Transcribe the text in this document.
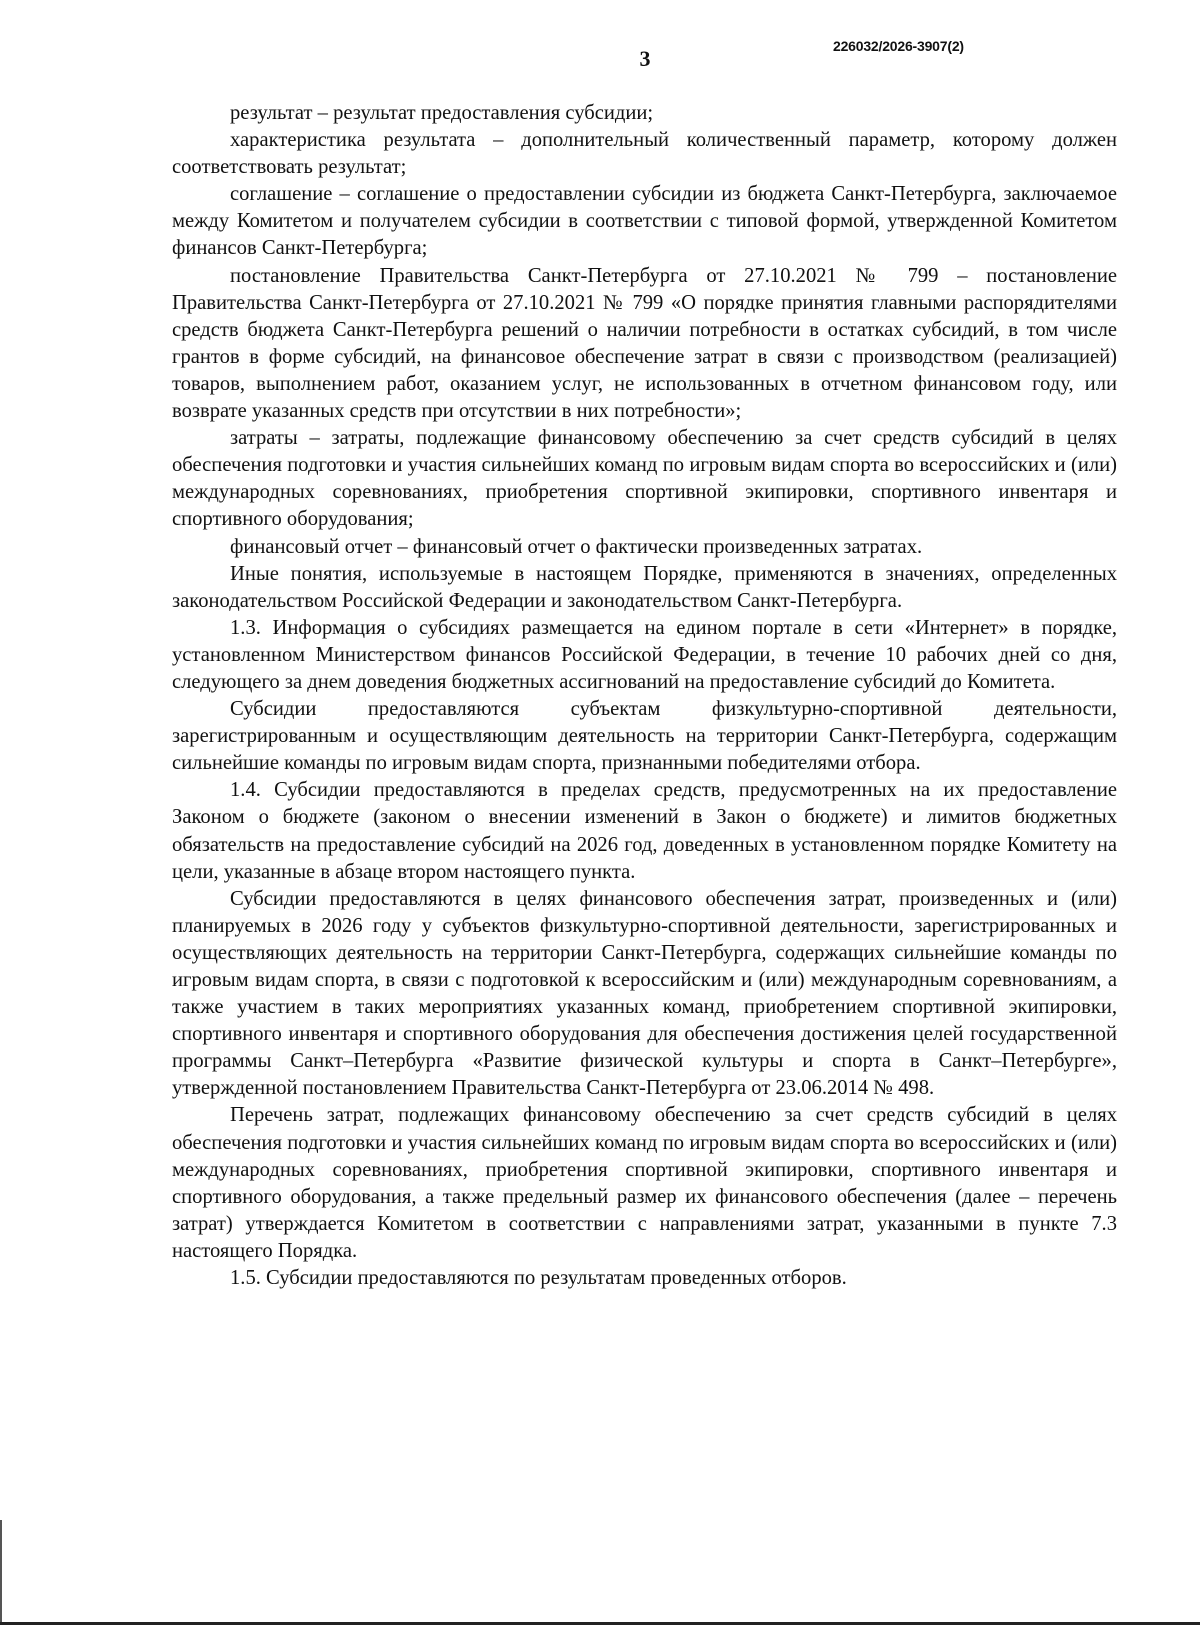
3	226032/2026-3907(2)

результат – результат предоставления субсидии;

характеристика результата – дополнительный количественный параметр, которому должен соответствовать результат;

соглашение – соглашение о предоставлении субсидии из бюджета Санкт-Петербурга, заключаемое между Комитетом и получателем субсидии в соответствии с типовой формой, утвержденной Комитетом финансов Санкт-Петербурга;

постановление Правительства Санкт-Петербурга от 27.10.2021 № 799 – постановление Правительства Санкт-Петербурга от 27.10.2021 № 799 «О порядке принятия главными распорядителями средств бюджета Санкт-Петербурга решений о наличии потребности в остатках субсидий, в том числе грантов в форме субсидий, на финансовое обеспечение затрат в связи с производством (реализацией) товаров, выполнением работ, оказанием услуг, не использованных в отчетном финансовом году, или возврате указанных средств при отсутствии в них потребности»;

затраты – затраты, подлежащие финансовому обеспечению за счет средств субсидий в целях обеспечения подготовки и участия сильнейших команд по игровым видам спорта во всероссийских и (или) международных соревнованиях, приобретения спортивной экипировки, спортивного инвентаря и спортивного оборудования;

финансовый отчет – финансовый отчет о фактически произведенных затратах.

Иные понятия, используемые в настоящем Порядке, применяются в значениях, определенных законодательством Российской Федерации и законодательством Санкт-Петербурга.

1.3. Информация о субсидиях размещается на едином портале в сети «Интернет» в порядке, установленном Министерством финансов Российской Федерации, в течение 10 рабочих дней со дня, следующего за днем доведения бюджетных ассигнований на предоставление субсидий до Комитета.

Субсидии предоставляются субъектам физкультурно-спортивной деятельности, зарегистрированным и осуществляющим деятельность на территории Санкт-Петербурга, содержащим сильнейшие команды по игровым видам спорта, признанными победителями отбора.

1.4. Субсидии предоставляются в пределах средств, предусмотренных на их предоставление Законом о бюджете (законом о внесении изменений в Закон о бюджете) и лимитов бюджетных обязательств на предоставление субсидий на 2026 год, доведенных в установленном порядке Комитету на цели, указанные в абзаце втором настоящего пункта.

Субсидии предоставляются в целях финансового обеспечения затрат, произведенных и (или) планируемых в 2026 году у субъектов физкультурно-спортивной деятельности, зарегистрированных и осуществляющих деятельность на территории Санкт-Петербурга, содержащих сильнейшие команды по игровым видам спорта, в связи с подготовкой к всероссийским и (или) международным соревнованиям, а также участием в таких мероприятиях указанных команд, приобретением спортивной экипировки, спортивного инвентаря и спортивного оборудования для обеспечения достижения целей государственной программы Санкт–Петербурга «Развитие физической культуры и спорта в Санкт–Петербурге», утвержденной постановлением Правительства Санкт-Петербурга от 23.06.2014 № 498.

Перечень затрат, подлежащих финансовому обеспечению за счет средств субсидий в целях обеспечения подготовки и участия сильнейших команд по игровым видам спорта во всероссийских и (или) международных соревнованиях, приобретения спортивной экипировки, спортивного инвентаря и спортивного оборудования, а также предельный размер их финансового обеспечения (далее – перечень затрат) утверждается Комитетом в соответствии с направлениями затрат, указанными в пункте 7.3 настоящего Порядка.

1.5. Субсидии предоставляются по результатам проведенных отборов.
